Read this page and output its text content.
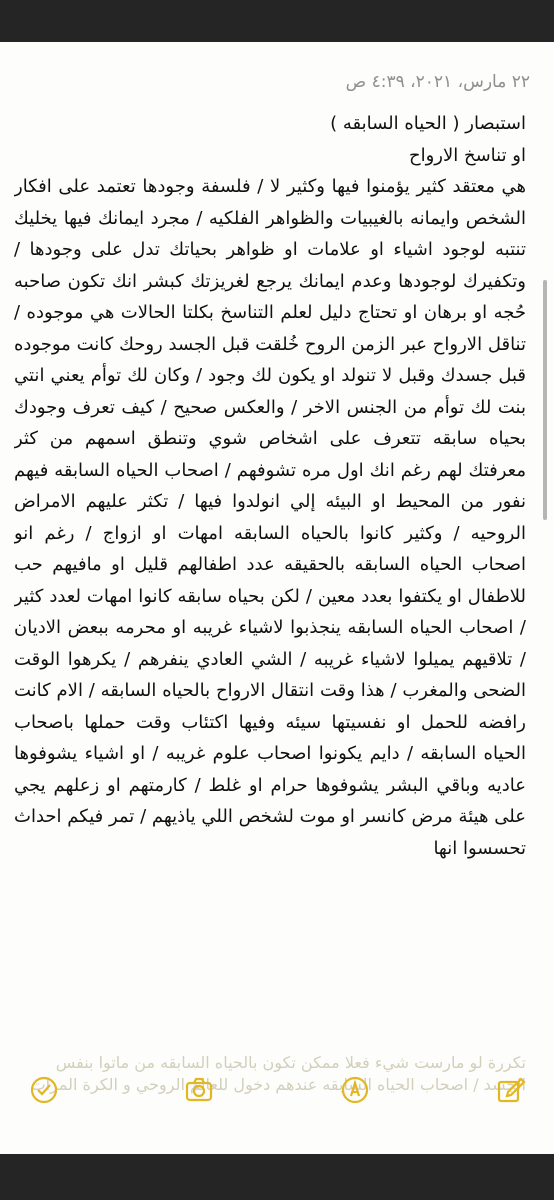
٢٢ مارس، ٢٠٢١، ٤:٣٩ ص
استبصار ( الحياه السابقه )
او تناسخ الارواح
هي معتقد كثير يؤمنوا فيها وكثير لا / فلسفة وجودها تعتمد على افكار الشخص وايمانه بالغيبيات والظواهر الفلكيه / مجرد ايمانك فيها يخليك تنتبه لوجود اشياء او علامات او ظواهر بحياتك تدل على وجودها / وتكفيرك لوجودها وعدم ايمانك يرجع لغريزتك كبشر انك تكون صاحبه حُجه او برهان او تحتاج دليل لعلم التناسخ بكلتا الحالات هي موجوده / تناقل الارواح عبر الزمن الروح خُلقت قبل الجسد روحك كانت موجوده قبل جسدك وقبل لا تنولد او يكون لك وجود / وكان لك توأم يعني انتي بنت لك توأم من الجنس الاخر / والعكس صحيح / كيف تعرف وجودك بحياه سابقه تتعرف على اشخاص شوي وتنطق اسمهم من كثر معرفتك لهم رغم انك اول مره تشوفهم / اصحاب الحياه السابقه فيهم نفور من المحيط او البيئه إلي انولدوا فيها / تكثر عليهم الامراض الروحيه / وكثير كانوا بالحياه السابقه امهات او ازواج / رغم انو اصحاب الحياه السابقه بالحقيقه عدد اطفالهم قليل او مافيهم حب للاطفال او يكتفوا بعدد معين / لكن بحياه سابقه كانوا امهات لعدد كثير / اصحاب الحياه السابقه ينجذبوا لاشياء غريبه او محرمه ببعض الاديان / تلاقيهم يميلوا لاشياء غريبه / الشي العادي ينفرهم / يكرهوا الوقت الضحى والمغرب / هذا وقت انتقال الارواح بالحياه السابقه / الام كانت رافضه للحمل او نفسيتها سيئه وفيها اكتئاب وقت حملها باصحاب الحياه السابقه / دايم يكونوا اصحاب علوم غريبه / او اشياء يشوفوها عاديه وباقي البشر يشوفوها حرام او غلط / كارمتهم او زعلهم يجي على هيئة مرض كانسر او موت لشخص اللي ياذيهم / تمر فيكم احداث تحسسوا انها
تكررة لو مارست شيء فعلا ممكن تكون بالحياه السابقه من ماتوا بنفس الجسد / اصحاب الحياه السابقه عندهم دخول للعالم الروحي و الكرة المرات
